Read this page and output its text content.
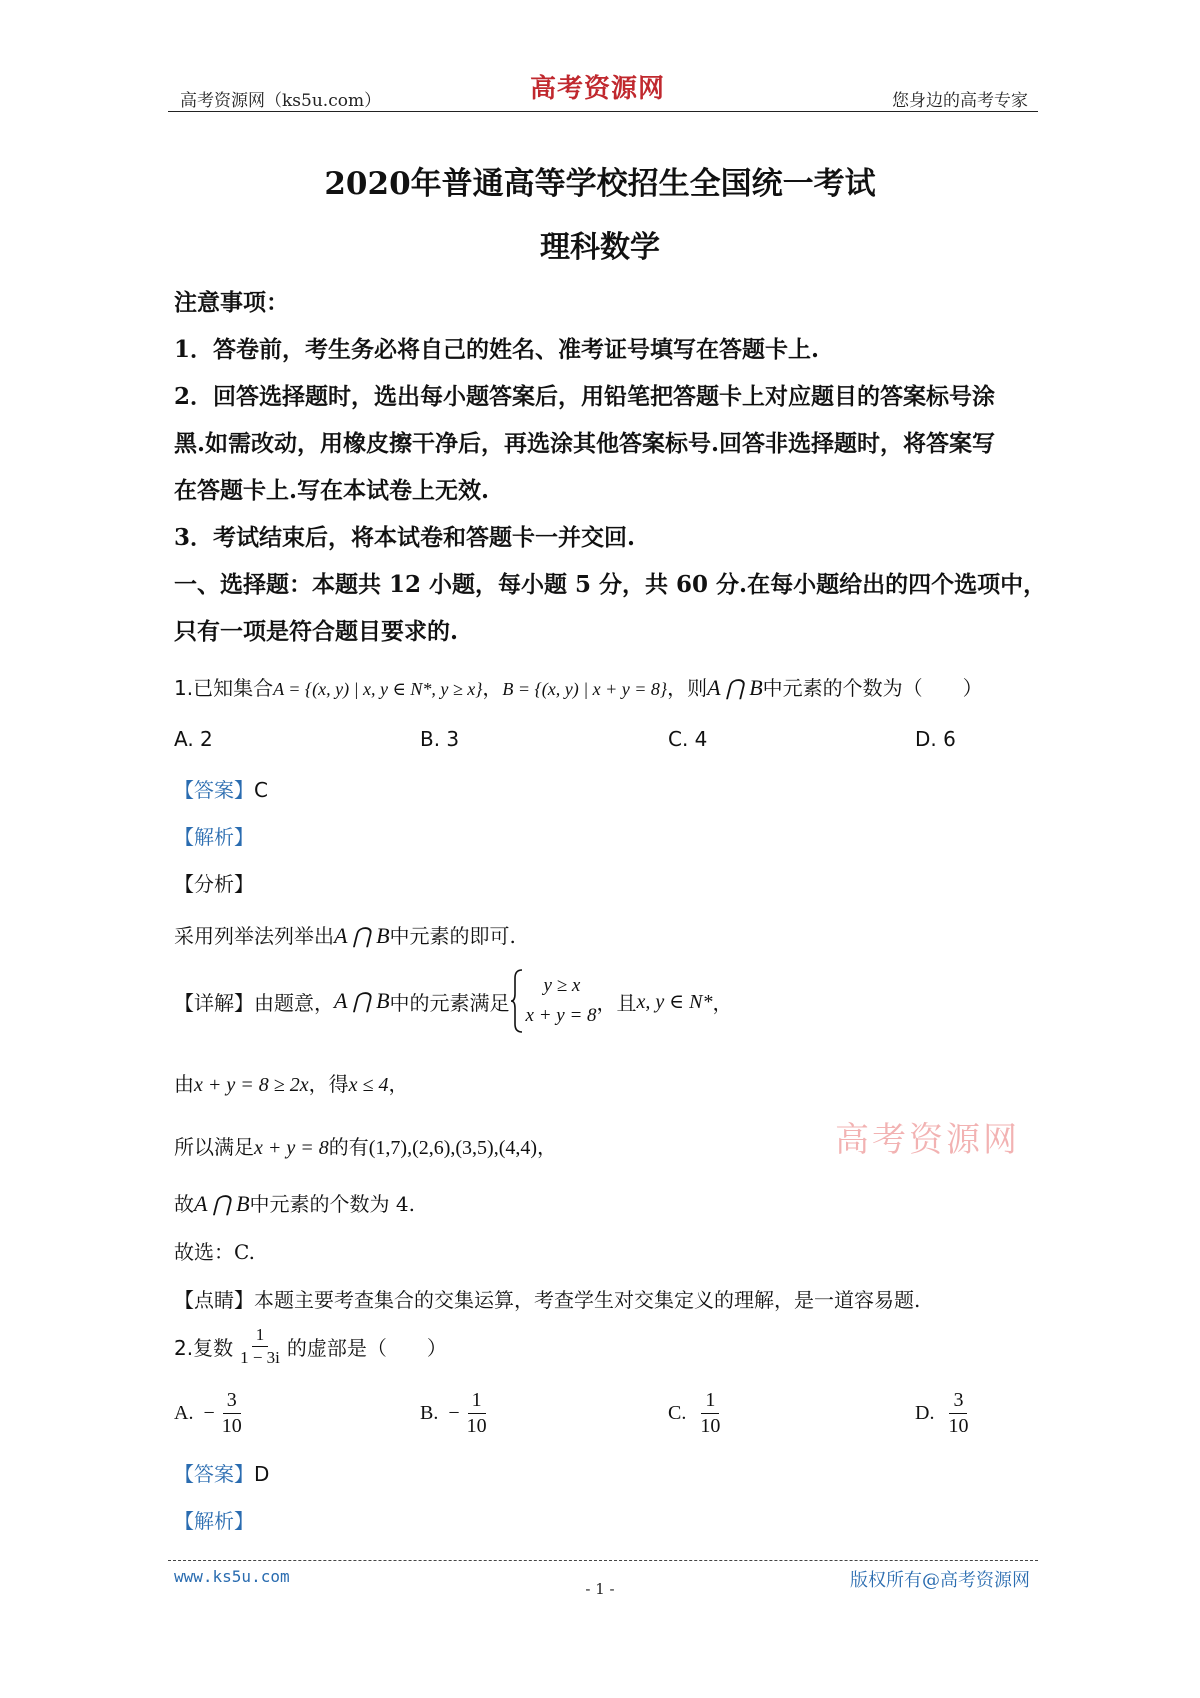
高考资源网（ks5u.com）	高考资源网	您身边的高考专家
2020年普通高等学校招生全国统一考试
理科数学
注意事项：
1．答卷前，考生务必将自己的姓名、准考证号填写在答题卡上.
2．回答选择题时，选出每小题答案后，用铅笔把答题卡上对应题目的答案标号涂
黑.如需改动，用橡皮擦干净后，再选涂其他答案标号.回答非选择题时，将答案写
在答题卡上.写在本试卷上无效.
3．考试结束后，将本试卷和答题卡一并交回.
一、选择题：本题共 12 小题，每小题 5 分，共 60 分.在每小题给出的四个选项中，
只有一项是符合题目要求的.
1.已知集合A = {(x, y) | x, y ∈ N*, y ≥ x}，B = {(x, y) | x + y = 8}，则A ⋂ B中元素的个数为（　　）
A. 2	B. 3	C. 4	D. 6
【答案】C
【解析】
【分析】
采用列举法列举出A ⋂ B中元素的即可.
【详解】 由题意， A ⋂ B 中的元素满足
y ≥ x
x + y = 8
，且 x, y ∈ N* ，
由x + y = 8 ≥ 2x，得x ≤ 4，
所以满足x + y = 8的有(1,7),(2,6),(3,5),(4,4)，	高考资源网
故A ⋂ B中元素的个数为 4.
故选：C.
【点睛】本题主要考查集合的交集运算，考查学生对交集定义的理解，是一道容易题.
2.复数 $\frac{1}{1 - 3i}$ 的虚部是（　　）
A. − $\frac{3}{10}$	B. − $\frac{1}{10}$	C. $\frac{1}{10}$	D. $\frac{3}{10}$
【答案】D
【解析】
www.ks5u.com
- 1 -	版权所有@高考资源网
